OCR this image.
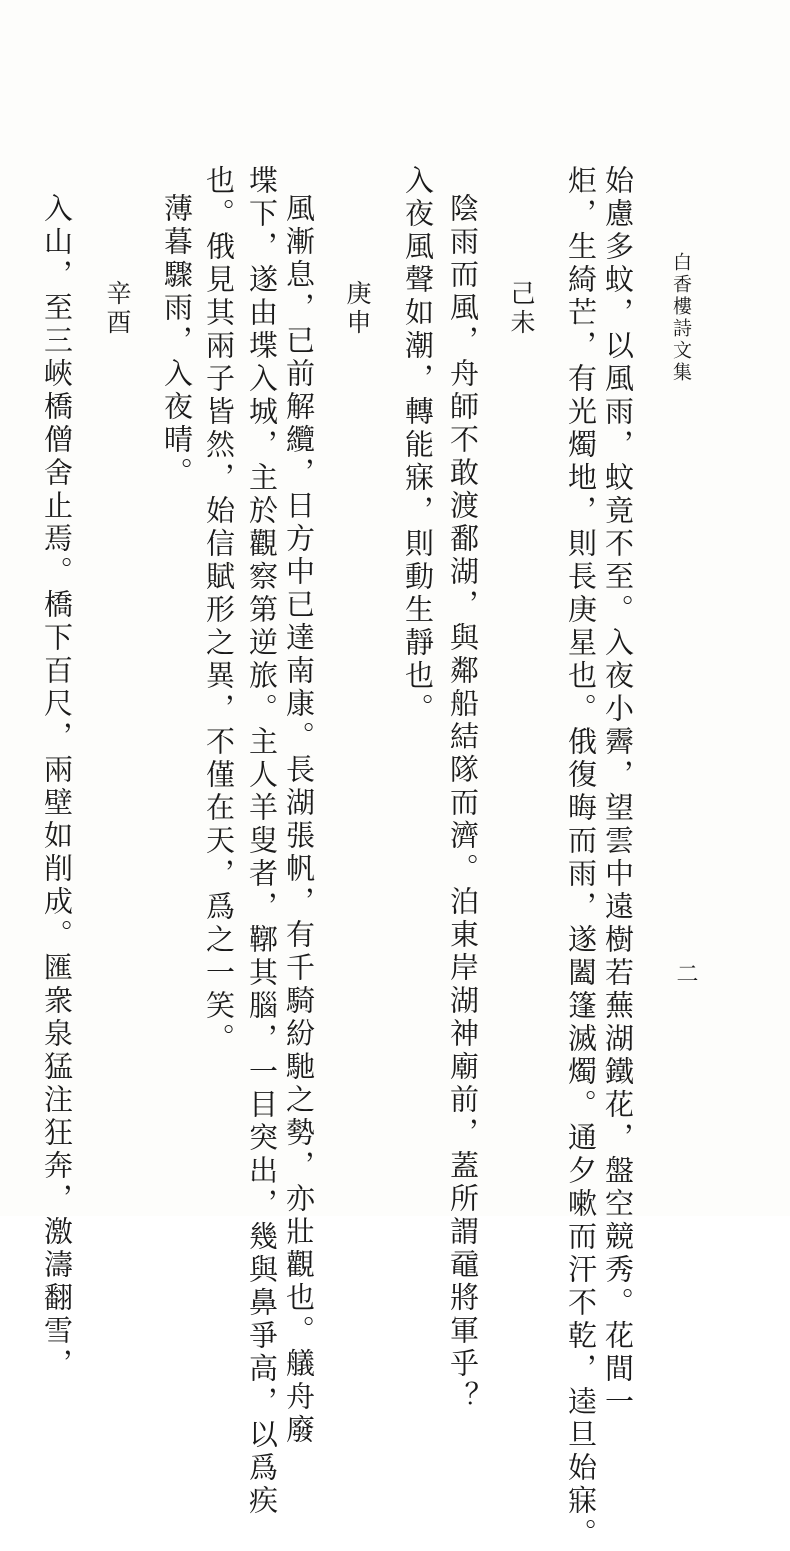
白香樓詩文集
二
始慮多蚊，以風雨，蚊竟不至。入夜小霽，望雲中遠樹若蕪湖鐵花，盤空競秀。花間一
炬，生綺芒，有光燭地，則長庚星也。俄復晦而雨，遂闔篷滅燭。通夕嗽而汗不乾，逵旦始寐。
己未
陰雨而風，舟師不敢渡鄱湖，與鄰船結隊而濟。泊東岸湖神廟前，蓋所謂黿將軍乎？
入夜風聲如潮，轉能寐，則動生靜也。
庚申
風漸息，已前解纜，日方中已達南康。長湖張帆，有千騎紛馳之勢，亦壯觀也。艤舟廢
堞下，遂由堞入城，主於觀察第逆旅。主人羊叟者，鞹其腦，一目突出，幾與鼻爭高，以爲疾
也。俄見其兩子皆然，始信賦形之異，不僅在天，爲之一笑。
薄暮驟雨，入夜晴。
辛酉
入山，至三峽橋僧舍止焉。橋下百尺，兩壁如削成。匯衆泉猛注狂奔，激濤翻雪，
